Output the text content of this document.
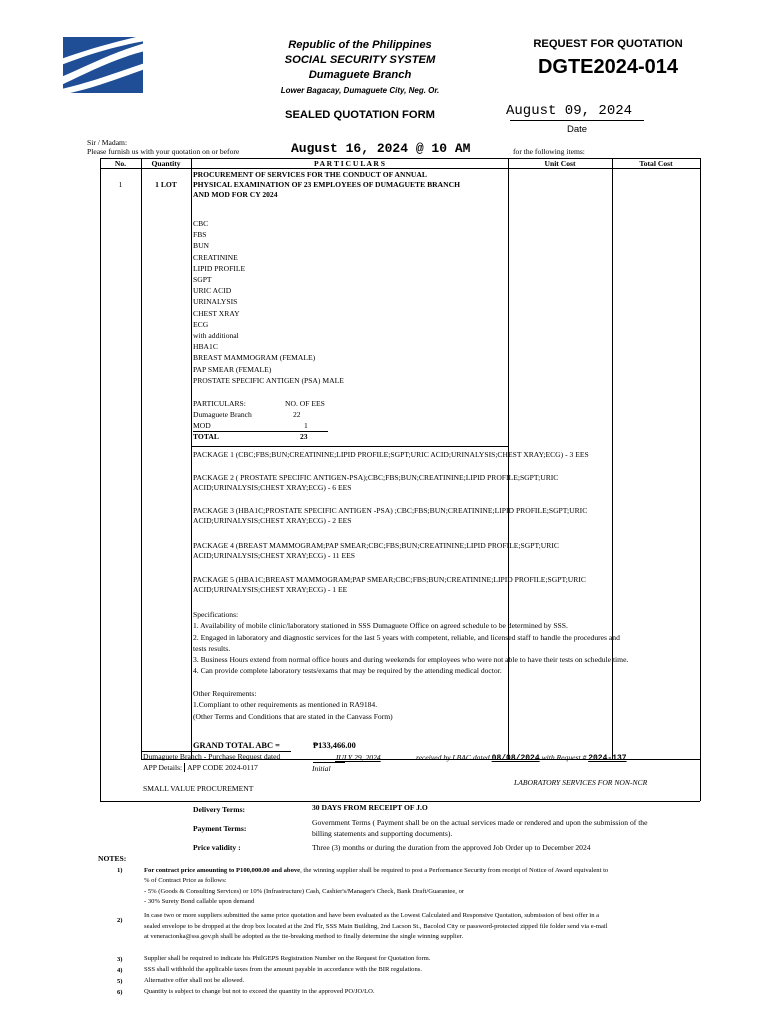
Republic of the Philippines
SOCIAL SECURITY SYSTEM
Dumaguete Branch
Lower Bagacay, Dumaguete City, Neg. Or.
REQUEST FOR QUOTATION
DGTE2024-014
SEALED QUOTATION FORM	August 09, 2024
Date
Sir / Madam:
Please furnish us with your quotation on or before	August 16, 2024 @ 10 AM	for the following items:
No.	Quantity	P A R T I C U L A R S	Unit Cost	Total Cost
1	1 LOT
PROCUREMENT OF SERVICES FOR THE CONDUCT OF ANNUAL
PHYSICAL EXAMINATION OF 23 EMPLOYEES OF DUMAGUETE BRANCH
AND MOD FOR CY 2024
CBC
FBS
BUN
CREATININE
LIPID PROFILE
SGPT
URIC ACID
URINALYSIS
CHEST XRAY
ECG
with additional
HBA1C
BREAST MAMMOGRAM (FEMALE)
PAP SMEAR (FEMALE)
PROSTATE SPECIFIC ANTIGEN (PSA) MALE
PARTICULARS:	NO. OF EES
Dumaguete Branch	22
MOD	1
TOTAL	23
PACKAGE 1 (CBC;FBS;BUN;CREATININE;LIPID PROFILE;SGPT;URIC ACID;URINALYSIS;CHEST XRAY;ECG) - 3 EES
PACKAGE 2 ( PROSTATE SPECIFIC ANTIGEN-PSA);CBC;FBS;BUN;CREATININE;LIPID PROFILE;SGPT;URIC
ACID;URINALYSIS;CHEST XRAY;ECG) - 6 EES
PACKAGE 3 (HBA1C;PROSTATE SPECIFIC ANTIGEN -PSA) ;CBC;FBS;BUN;CREATININE;LIPID PROFILE;SGPT;URIC
ACID;URINALYSIS;CHEST XRAY;ECG) - 2 EES
PACKAGE 4 (BREAST MAMMOGRAM;PAP SMEAR;CBC;FBS;BUN;CREATININE;LIPID PROFILE;SGPT;URIC
ACID;URINALYSIS;CHEST XRAY;ECG) - 11 EES
PACKAGE 5 (HBA1C;BREAST MAMMOGRAM;PAP SMEAR;CBC;FBS;BUN;CREATININE;LIPID PROFILE;SGPT;URIC
ACID;URINALYSIS;CHEST XRAY;ECG) - 1 EE
Specifications:
1. Availability of mobile clinic/laboratory stationed in SSS Dumaguete Office on agreed schedule to be determined by SSS.
2. Engaged in laboratory and diagnostic services for the last 5 years with competent, reliable, and licensed staff to handle the procedures and
tests results.
3. Business Hours extend from normal office hours and during weekends for employees who were not able to have their tests on schedule time.
4. Can provide complete laboratory tests/exams that may be required by the attending medical doctor.
Other Requirements:
1.Compliant to other requirements as mentioned in RA9184.
(Other Terms and Conditions that are stated in the Canvass Form)
GRAND TOTAL ABC =	₱133,466.00
Dumaguete Branch - Purchase Request dated	JULY 29, 2024	received by LBAC dated 08/08/2024 with Request # 2024-137
APP Details: APP CODE 2024-0117	Initial
LABORATORY SERVICES FOR NON-NCR
SMALL VALUE PROCUREMENT
Delivery Terms:	30 DAYS FROM RECEIPT OF J.O
Payment Terms:
Government Terms ( Payment shall be on the actual services made or rendered and upon the submission of the
billing statements and supporting documents).
Price validity :	Three (3) months or during the duration from the approved Job Order up to December 2024
NOTES:
1)	For contract price amounting to P100,000.00 and above, the winning supplier shall be required to post a Performance Security from receipt of Notice of Award equivalent to
% of Contract Price as follows:
- 5% (Goods & Consulting Services) or 10% (Infrastructure) Cash, Cashier's/Manager's Check, Bank Draft/Guarantee, or
- 30% Surety Bond callable upon demand
2)
In case two or more suppliers submitted the same price quotation and have been evaluated as the Lowest Calculated and Responsive Quotation, submission of best offer in a
sealed envelope to be dropped at the drop box located at the 2nd Flr, SSS Main Building, 2nd Lacson St., Bacolod City or password-protected zipped file folder send via e-mail
at veneracionka@sss.gov.ph shall be adopted as the tie-breaking method to finally determine the single winning supplier.
3)	Supplier shall be required to indicate his PhilGEPS Registration Number on the Request for Quotation form.
4)	SSS shall withhold the applicable taxes from the amount payable in accordance with the BIR regulations.
5)	Alternative offer shall not be allowed.
6)	Quantity is subject to change but not to exceed the quantity in the approved PO/JO/LO.
